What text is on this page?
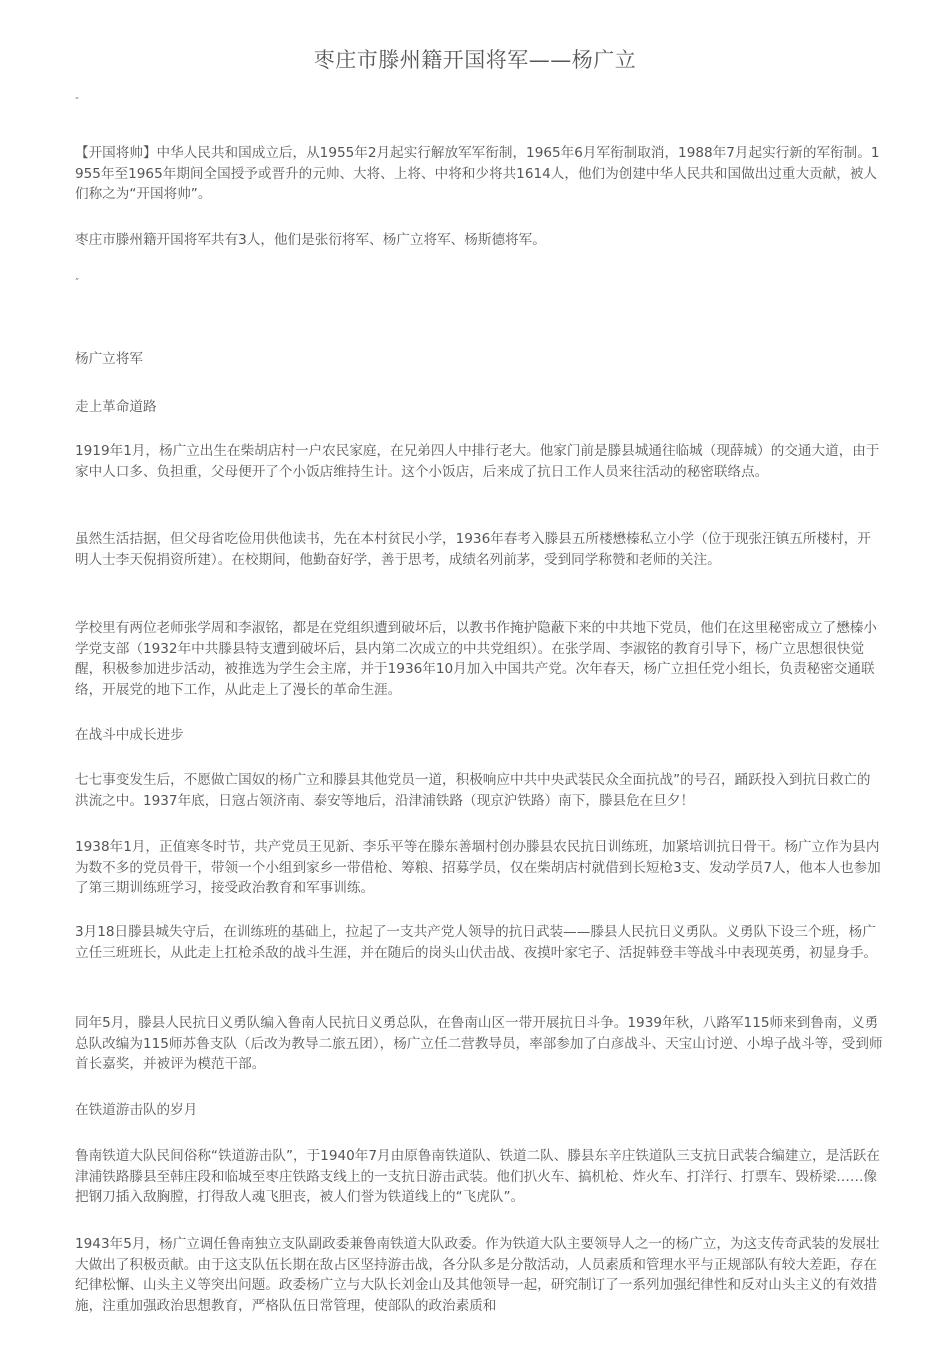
枣庄市滕州籍开国将军——杨广立
“
【开国将帅】中华人民共和国成立后，从1955年2月起实行解放军军衔制，1965年6月军衔制取消，1988年7月起实行新的军衔制。1955年至1965年期间全国授予或晋升的元帅、大将、上将、中将和少将共1614人，他们为创建中华人民共和国做出过重大贡献，被人们称之为“开国将帅”。
枣庄市滕州籍开国将军共有3人，他们是张衍将军、杨广立将军、杨斯德将军。
”
杨广立将军
走上革命道路
1919年1月，杨广立出生在柴胡店村一户农民家庭，在兄弟四人中排行老大。他家门前是滕县城通往临城（现薛城）的交通大道，由于家中人口多、负担重，父母便开了个小饭店维持生计。这个小饭店，后来成了抗日工作人员来往活动的秘密联络点。
虽然生活拮据，但父母省吃俭用供他读书，先在本村贫民小学，1936年春考入滕县五所楼懋榛私立小学（位于现张汪镇五所楼村，开明人士李天倪捐资所建）。在校期间，他勤奋好学，善于思考，成绩名列前茅，受到同学称赞和老师的关注。
学校里有两位老师张学周和李淑铭，都是在党组织遭到破坏后，以教书作掩护隐蔽下来的中共地下党员，他们在这里秘密成立了懋榛小学党支部（1932年中共滕县特支遭到破坏后，县内第二次成立的中共党组织）。在张学周、李淑铭的教育引导下，杨广立思想很快觉醒，积极参加进步活动，被推选为学生会主席，并于1936年10月加入中国共产党。次年春天，杨广立担任党小组长，负责秘密交通联络，开展党的地下工作，从此走上了漫长的革命生涯。
在战斗中成长进步
七七事变发生后，不愿做亡国奴的杨广立和滕县其他党员一道，积极响应中共中央武装民众全面抗战”的号召，踊跃投入到抗日救亡的洪流之中。1937年底，日寇占领济南、泰安等地后，沿津浦铁路（现京沪铁路）南下，滕县危在旦夕！
1938年1月，正值寒冬时节，共产党员王见新、李乐平等在滕东善堌村创办滕县农民抗日训练班，加紧培训抗日骨干。杨广立作为县内为数不多的党员骨干，带领一个小组到家乡一带借枪、筹粮、招募学员，仅在柴胡店村就借到长短枪3支、发动学员7人，他本人也参加了第三期训练班学习，接受政治教育和军事训练。
3月18日滕县城失守后，在训练班的基础上，拉起了一支共产党人领导的抗日武装——滕县人民抗日义勇队。义勇队下设三个班，杨广立任三班班长，从此走上扛枪杀敌的战斗生涯，并在随后的岗头山伏击战、夜摸叶家宅子、活捉韩登丰等战斗中表现英勇，初显身手。
同年5月，滕县人民抗日义勇队编入鲁南人民抗日义勇总队，在鲁南山区一带开展抗日斗争。1939年秋，八路军115师来到鲁南，义勇总队改编为115师苏鲁支队（后改为教导二旅五团），杨广立任二营教导员，率部参加了白彦战斗、天宝山讨逆、小埠子战斗等，受到师首长嘉奖，并被评为模范干部。
在铁道游击队的岁月
鲁南铁道大队民间俗称“铁道游击队”，于1940年7月由原鲁南铁道队、铁道二队、滕县东辛庄铁道队三支抗日武装合编建立，是活跃在津浦铁路滕县至韩庄段和临城至枣庄铁路支线上的一支抗日游击武装。他们扒火车、搞机枪、炸火车、打洋行、打票车、毁桥梁……像把钢刀插入敌胸膛，打得敌人魂飞胆丧，被人们誉为铁道线上的“飞虎队”。
1943年5月，杨广立调任鲁南独立支队副政委兼鲁南铁道大队政委。作为铁道大队主要领导人之一的杨广立，为这支传奇武装的发展壮大做出了积极贡献。由于这支队伍长期在敌占区坚持游击战，各分队多是分散活动，人员素质和管理水平与正规部队有较大差距，存在纪律松懈、山头主义等突出问题。政委杨广立与大队长刘金山及其他领导一起，研究制订了一系列加强纪律性和反对山头主义的有效措施，注重加强政治思想教育，严格队伍日常管理，使部队的政治素质和
